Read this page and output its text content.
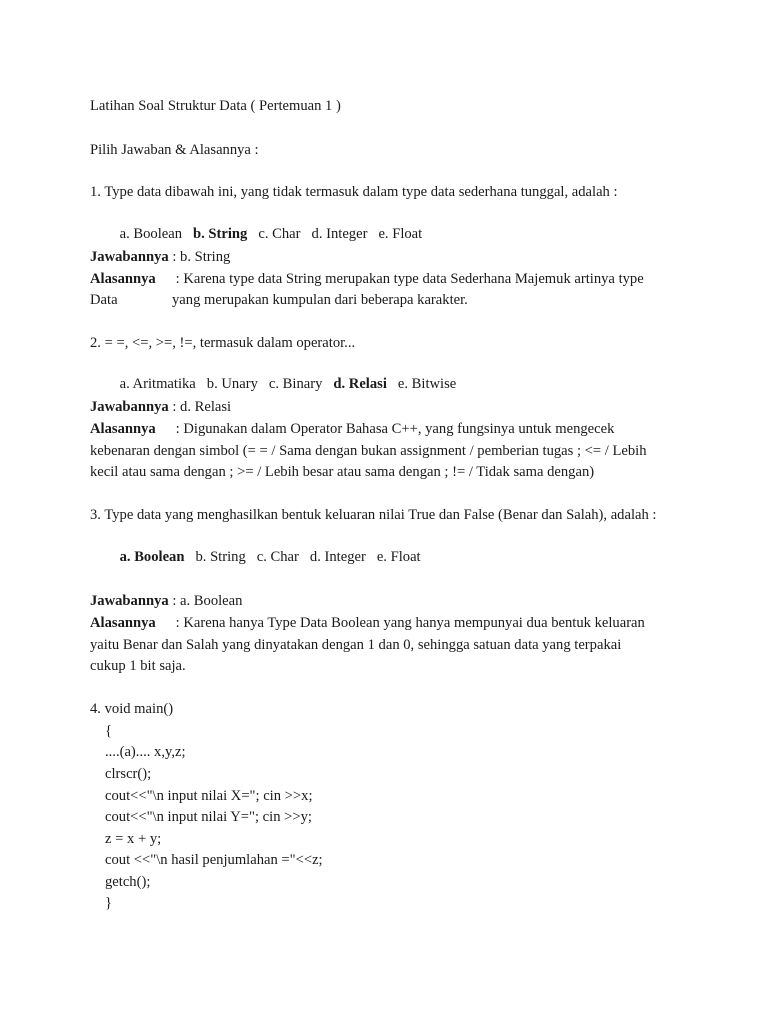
Latihan Soal Struktur Data ( Pertemuan 1 )
Pilih Jawaban & Alasannya :
1. Type data dibawah ini, yang tidak termasuk dalam type data sederhana tunggal, adalah :

a. Boolean b. String c. Char d. Integer e. Float

Jawabannya : b. String
Alasannya : Karena type data String merupakan type data Sederhana Majemuk artinya type
Data	yang merupakan kumpulan dari beberapa karakter.
2. = =, <=, >=, !=, termasuk dalam operator...

a. Aritmatika b. Unary c. Binary d. Relasi e. Bitwise

Jawabannya : d. Relasi
Alasannya : Digunakan dalam Operator Bahasa C++, yang fungsinya untuk mengecek
kebenaran dengan simbol (= = / Sama dengan bukan assignment / pemberian tugas ; <= / Lebih
kecil atau sama dengan ; >= / Lebih besar atau sama dengan ; != / Tidak sama dengan)
3. Type data yang menghasilkan bentuk keluaran nilai True dan False (Benar dan Salah), adalah :

a. Boolean b. String c. Char d. Integer e. Float

Jawabannya : a. Boolean
Alasannya : Karena hanya Type Data Boolean yang hanya mempunyai dua bentuk keluaran
yaitu Benar dan Salah yang dinyatakan dengan 1 dan 0, sehingga satuan data yang terpakai
cukup 1 bit saja.
4. void main()
{
....(a).... x,y,z;
clrscr();
cout<<"\n input nilai X="; cin >>x;
cout<<"\n input nilai Y="; cin >>y;
z = x + y;
cout <<"\n hasil penjumlahan ="<<z;
getch();
}
